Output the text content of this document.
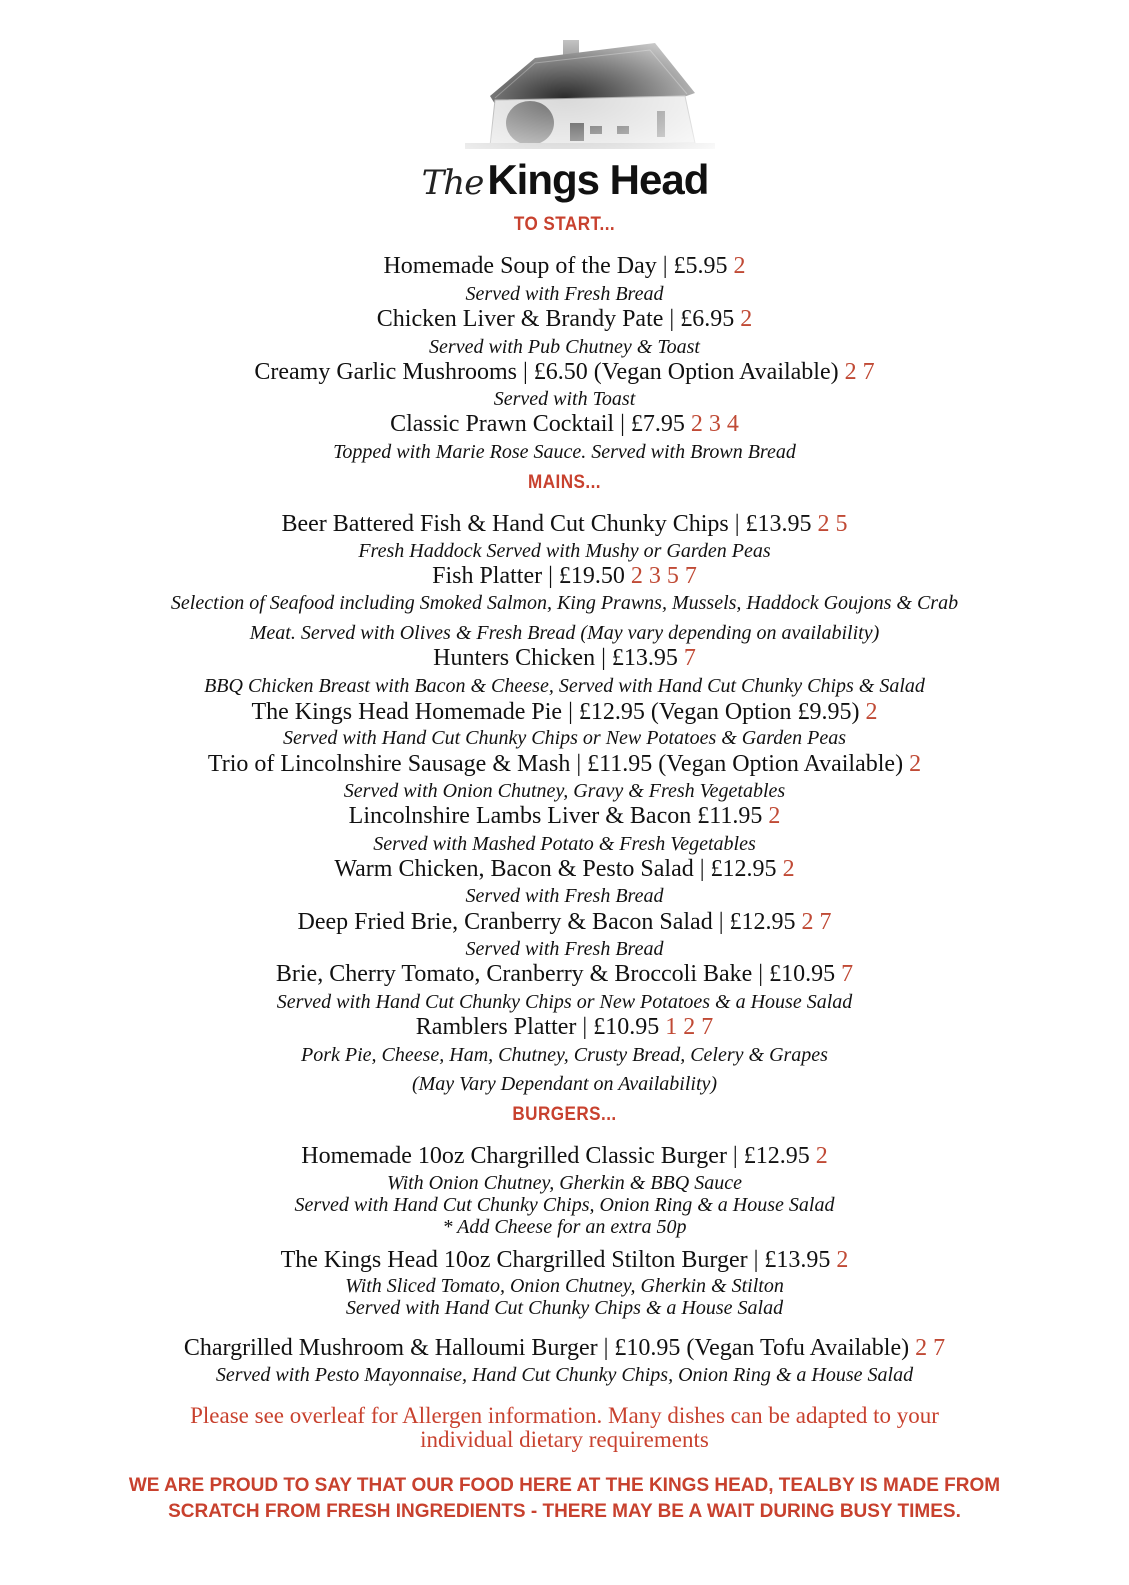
The Kings Head
TO START...
Homemade Soup of the Day | £5.95 2
Served with Fresh Bread
Chicken Liver & Brandy Pate | £6.95 2
Served with Pub Chutney & Toast
Creamy Garlic Mushrooms | £6.50 (Vegan Option Available) 2 7
Served with Toast
Classic Prawn Cocktail | £7.95 2 3 4
Topped with Marie Rose Sauce. Served with Brown Bread
MAINS...
Beer Battered Fish & Hand Cut Chunky Chips | £13.95 2 5
Fresh Haddock Served with Mushy or Garden Peas
Fish Platter | £19.50 2 3 5 7
Selection of Seafood including Smoked Salmon, King Prawns, Mussels, Haddock Goujons & Crab
Meat. Served with Olives & Fresh Bread (May vary depending on availability)
Hunters Chicken | £13.95 7
BBQ Chicken Breast with Bacon & Cheese, Served with Hand Cut Chunky Chips & Salad
The Kings Head Homemade Pie | £12.95 (Vegan Option £9.95) 2
Served with Hand Cut Chunky Chips or New Potatoes & Garden Peas
Trio of Lincolnshire Sausage & Mash | £11.95 (Vegan Option Available) 2
Served with Onion Chutney, Gravy & Fresh Vegetables
Lincolnshire Lambs Liver & Bacon £11.95 2
Served with Mashed Potato & Fresh Vegetables
Warm Chicken, Bacon & Pesto Salad | £12.95 2
Served with Fresh Bread
Deep Fried Brie, Cranberry & Bacon Salad | £12.95 2 7
Served with Fresh Bread
Brie, Cherry Tomato, Cranberry & Broccoli Bake | £10.95 7
Served with Hand Cut Chunky Chips or New Potatoes & a House Salad
Ramblers Platter | £10.95 1 2 7
Pork Pie, Cheese, Ham, Chutney, Crusty Bread, Celery & Grapes
(May Vary Dependant on Availability)
BURGERS...
Homemade 10oz Chargrilled Classic Burger | £12.95 2
With Onion Chutney, Gherkin & BBQ Sauce
Served with Hand Cut Chunky Chips, Onion Ring & a House Salad
* Add Cheese for an extra 50p
The Kings Head 10oz Chargrilled Stilton Burger | £13.95 2
With Sliced Tomato, Onion Chutney, Gherkin & Stilton
Served with Hand Cut Chunky Chips & a House Salad
Chargrilled Mushroom & Halloumi Burger | £10.95 (Vegan Tofu Available) 2 7
Served with Pesto Mayonnaise, Hand Cut Chunky Chips, Onion Ring & a House Salad
Please see overleaf for Allergen information. Many dishes can be adapted to your
individual dietary requirements
WE ARE PROUD TO SAY THAT OUR FOOD HERE AT THE KINGS HEAD, TEALBY IS MADE FROM
SCRATCH FROM FRESH INGREDIENTS - THERE MAY BE A WAIT DURING BUSY TIMES.
